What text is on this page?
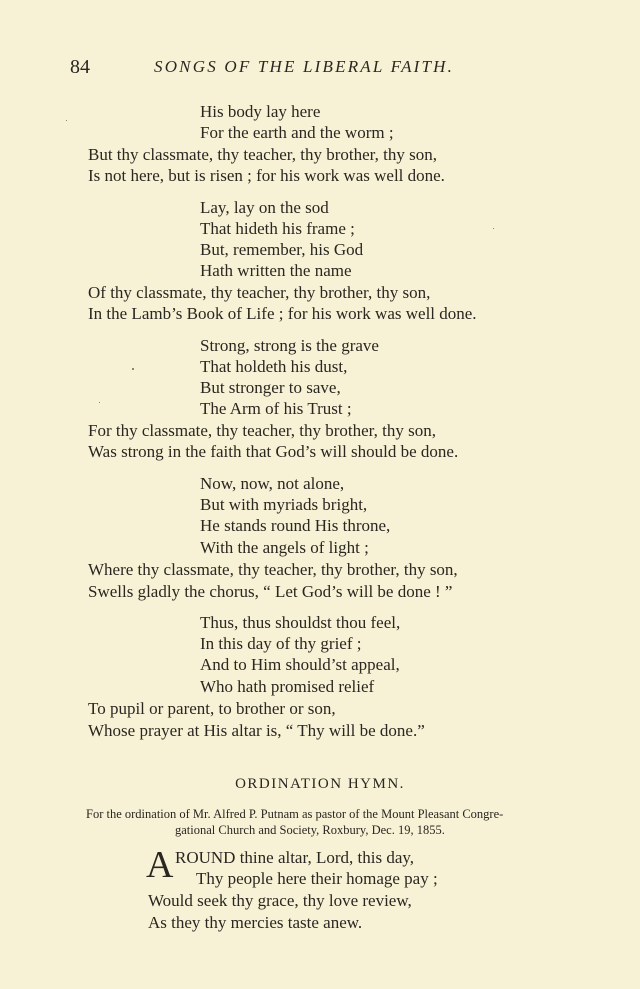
84	SONGS OF THE LIBERAL FAITH.
His body lay here
For the earth and the worm ;
But thy classmate, thy teacher, thy brother, thy son,
Is not here, but is risen ; for his work was well done.
Lay, lay on the sod
That hideth his frame ;
But, remember, his God
Hath written the name
Of thy classmate, thy teacher, thy brother, thy son,
In the Lamb’s Book of Life ; for his work was well done.
Strong, strong is the grave
That holdeth his dust,
But stronger to save,
The Arm of his Trust ;
For thy classmate, thy teacher, thy brother, thy son,
Was strong in the faith that God’s will should be done.
Now, now, not alone,
But with myriads bright,
He stands round His throne,
With the angels of light ;
Where thy classmate, thy teacher, thy brother, thy son,
Swells gladly the chorus, “ Let God’s will be done ! ”
Thus, thus shouldst thou feel,
In this day of thy grief ;
And to Him should’st appeal,
Who hath promised relief
To pupil or parent, to brother or son,
Whose prayer at His altar is, “ Thy will be done.”
ORDINATION HYMN.
For the ordination of Mr. Alfred P. Putnam as pastor of the Mount Pleasant Congre-
gational Church and Society, Roxbury, Dec. 19, 1855.
A ROUND thine altar, Lord, this day,
Thy people here their homage pay ;
Would seek thy grace, thy love review,
As they thy mercies taste anew.
